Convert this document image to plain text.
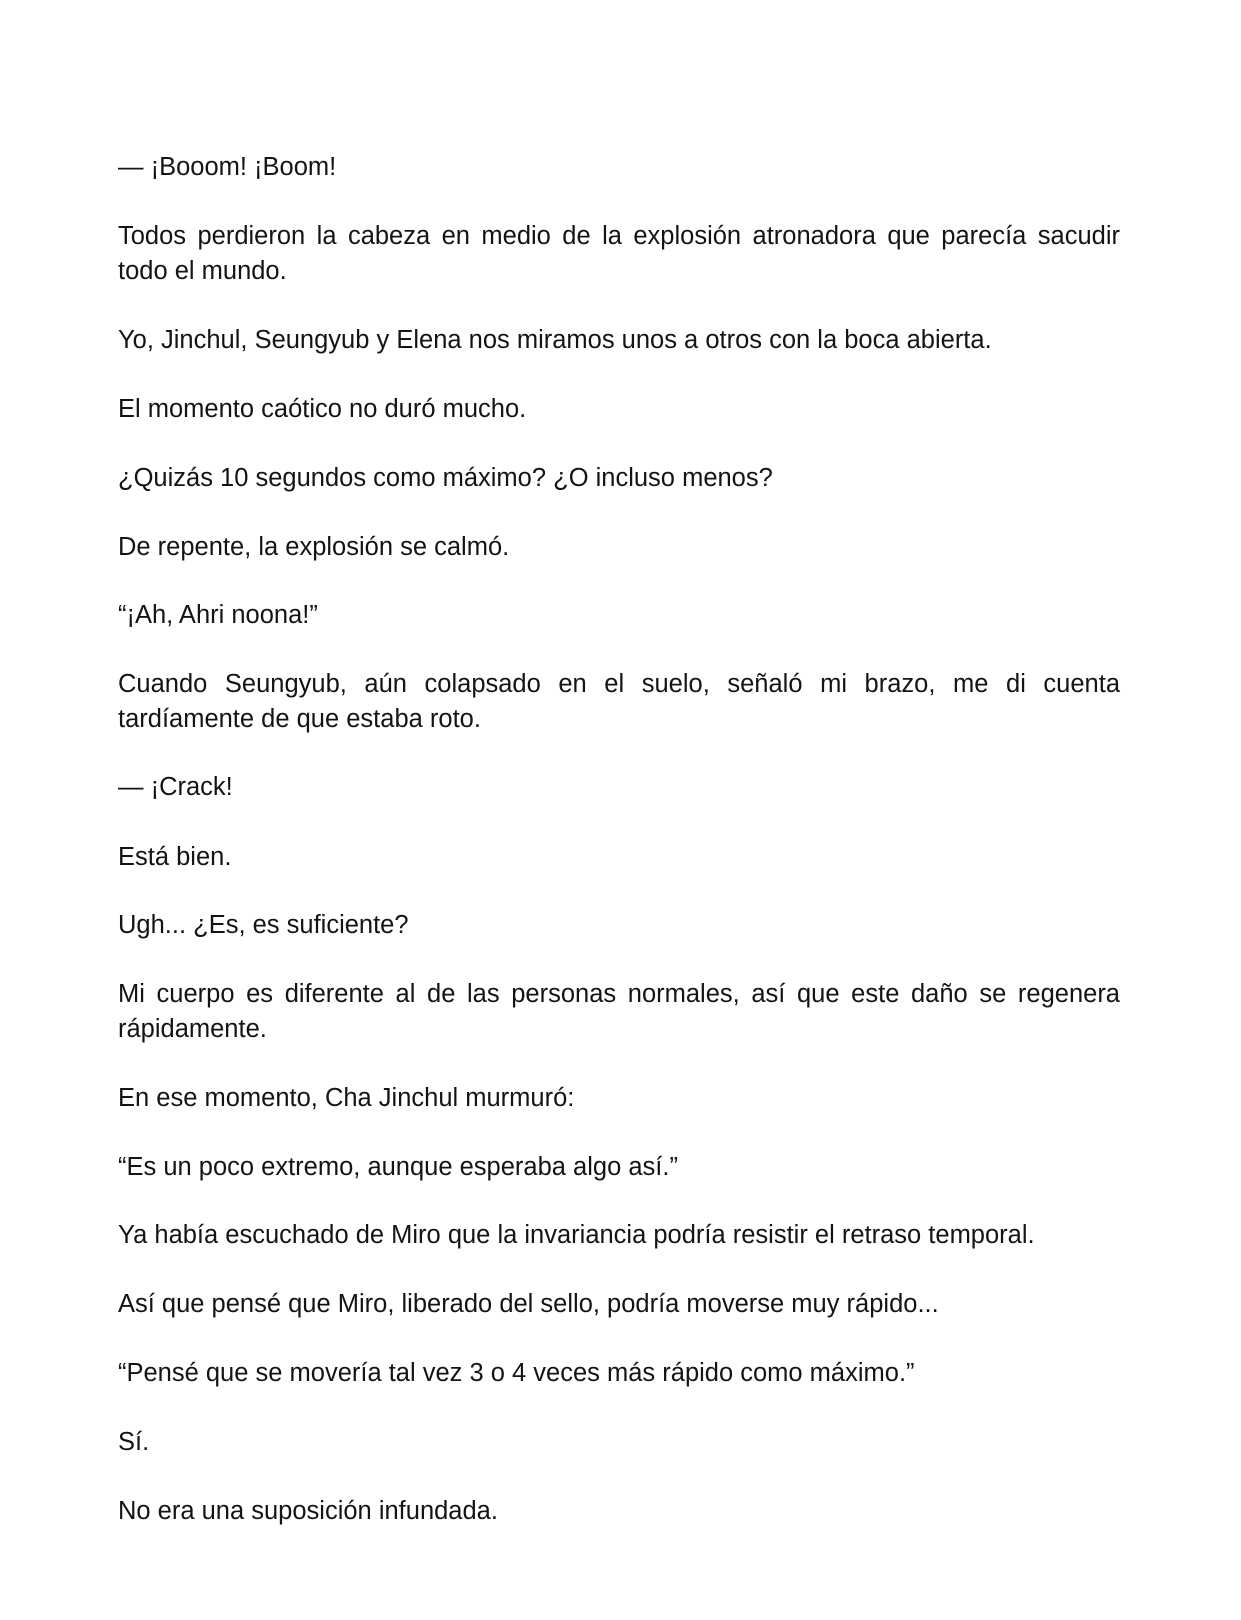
— ¡Booom! ¡Boom!

Todos perdieron la cabeza en medio de la explosión atronadora que parecía sacudir todo el mundo.

Yo, Jinchul, Seungyub y Elena nos miramos unos a otros con la boca abierta.

El momento caótico no duró mucho.

¿Quizás 10 segundos como máximo? ¿O incluso menos?

De repente, la explosión se calmó.

“¡Ah, Ahri noona!”

Cuando Seungyub, aún colapsado en el suelo, señaló mi brazo, me di cuenta tardíamente de que estaba roto.

— ¡Crack!

Está bien.

Ugh... ¿Es, es suficiente?

Mi cuerpo es diferente al de las personas normales, así que este daño se regenera rápidamente.

En ese momento, Cha Jinchul murmuró:

“Es un poco extremo, aunque esperaba algo así.”

Ya había escuchado de Miro que la invariancia podría resistir el retraso temporal.

Así que pensé que Miro, liberado del sello, podría moverse muy rápido...

“Pensé que se movería tal vez 3 o 4 veces más rápido como máximo.”

Sí.

No era una suposición infundada.
